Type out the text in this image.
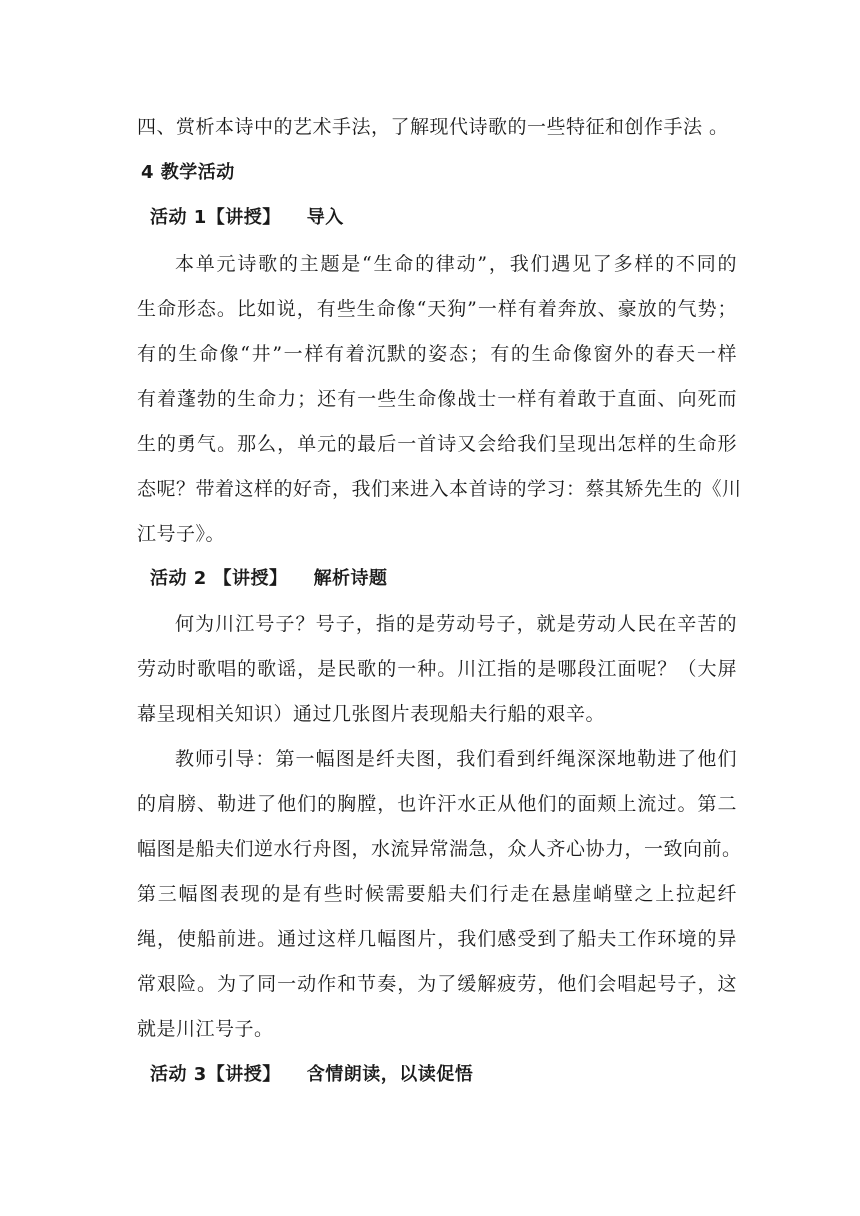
四、赏析本诗中的艺术手法，了解现代诗歌的一些特征和创作手法 。
4 教学活动
活动 1【讲授】 导入
本单元诗歌的主题是“生命的律动”，我们遇见了多样的不同的
生命形态。比如说，有些生命像“天狗”一样有着奔放、豪放的气势；
有的生命像“井”一样有着沉默的姿态；有的生命像窗外的春天一样
有着蓬勃的生命力；还有一些生命像战士一样有着敢于直面、向死而
生的勇气。那么，单元的最后一首诗又会给我们呈现出怎样的生命形
态呢？带着这样的好奇，我们来进入本首诗的学习：蔡其矫先生的《川
江号子》。
活动 2 【讲授】 解析诗题
何为川江号子？号子，指的是劳动号子，就是劳动人民在辛苦的
劳动时歌唱的歌谣，是民歌的一种。川江指的是哪段江面呢？（大屏
幕呈现相关知识）通过几张图片表现船夫行船的艰辛。
教师引导：第一幅图是纤夫图，我们看到纤绳深深地勒进了他们
的肩膀、勒进了他们的胸膛，也许汗水正从他们的面颊上流过。第二
幅图是船夫们逆水行舟图，水流异常湍急，众人齐心协力，一致向前。
第三幅图表现的是有些时候需要船夫们行走在悬崖峭壁之上拉起纤
绳，使船前进。通过这样几幅图片，我们感受到了船夫工作环境的异
常艰险。为了同一动作和节奏，为了缓解疲劳，他们会唱起号子，这
就是川江号子。
活动 3【讲授】 含情朗读，以读促悟
